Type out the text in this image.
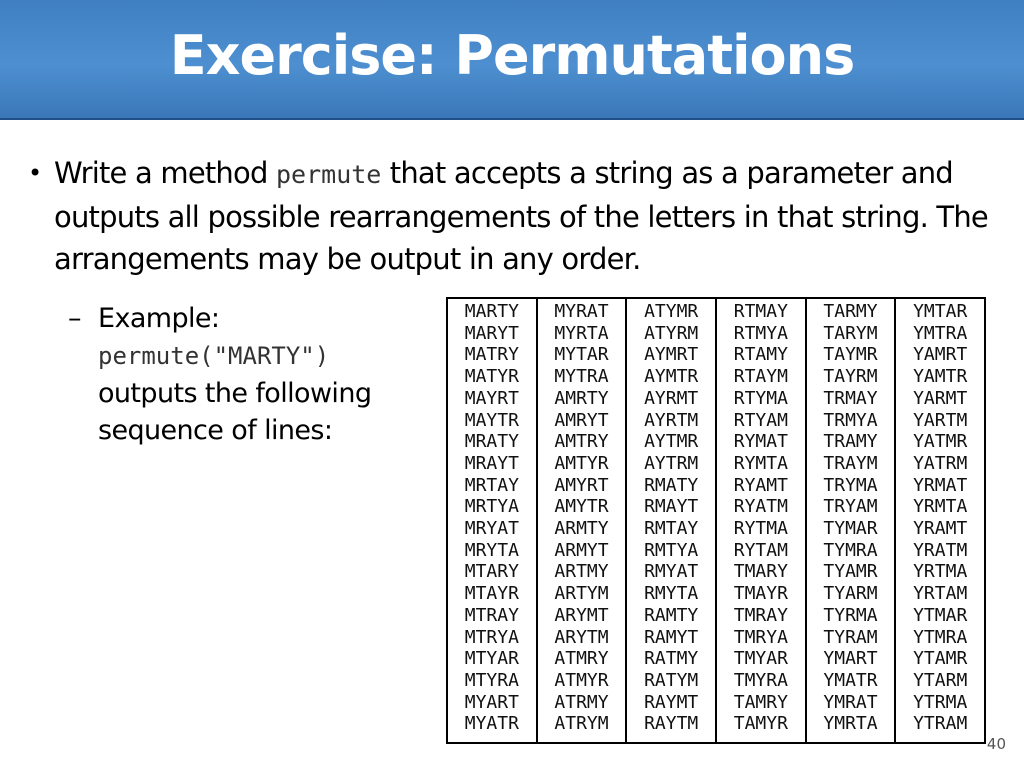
Exercise: Permutations
• Write a method permute that accepts a string as a parameter and outputs all possible rearrangements of the letters in that string. The arrangements may be output in any order.
– Example:
permute("MARTY")
outputs the following sequence of lines:
MARTY
MARYT
MATRY
MATYR
MAYRT
MAYTR
MRATY
MRAYT
MRTAY
MRTYA
MRYAT
MRYTA
MTARY
MTAYR
MTRAY
MTRYA
MTYAR
MTYRA
MYART
MYATR
MYRAT
MYRTA
MYTAR
MYTRA
AMRTY
AMRYT
AMTRY
AMTYR
AMYRT
AMYTR
ARMTY
ARMYT
ARTMY
ARTYM
ARYMT
ARYTM
ATMRY
ATMYR
ATRMY
ATRYM
ATYMR
ATYRM
AYMRT
AYMTR
AYRMT
AYRTM
AYTMR
AYTRM
RMATY
RMAYT
RMTAY
RMTYA
RMYAT
RMYTA
RAMTY
RAMYT
RATMY
RATYM
RAYMT
RAYTM
RTMAY
RTMYA
RTAMY
RTAYM
RTYMA
RTYAM
RYMAT
RYMTA
RYAMT
RYATM
RYTMA
RYTAM
TMARY
TMAYR
TMRAY
TMRYA
TMYAR
TMYRA
TAMRY
TAMYR
TARMY
TARYM
TAYMR
TAYRM
TRMAY
TRMYA
TRAMY
TRAYM
TRYMA
TRYAM
TYMAR
TYMRA
TYAMR
TYARM
TYRMA
TYRAM
YMART
YMATR
YMRAT
YMRTA
YMTAR
YMTRA
YAMRT
YAMTR
YARMT
YARTM
YATMR
YATRM
YRMAT
YRMTA
YRAMT
YRATM
YRTMA
YRTAM
YTMAR
YTMRA
YTAMR
YTARM
YTRMA
YTRAM
40
